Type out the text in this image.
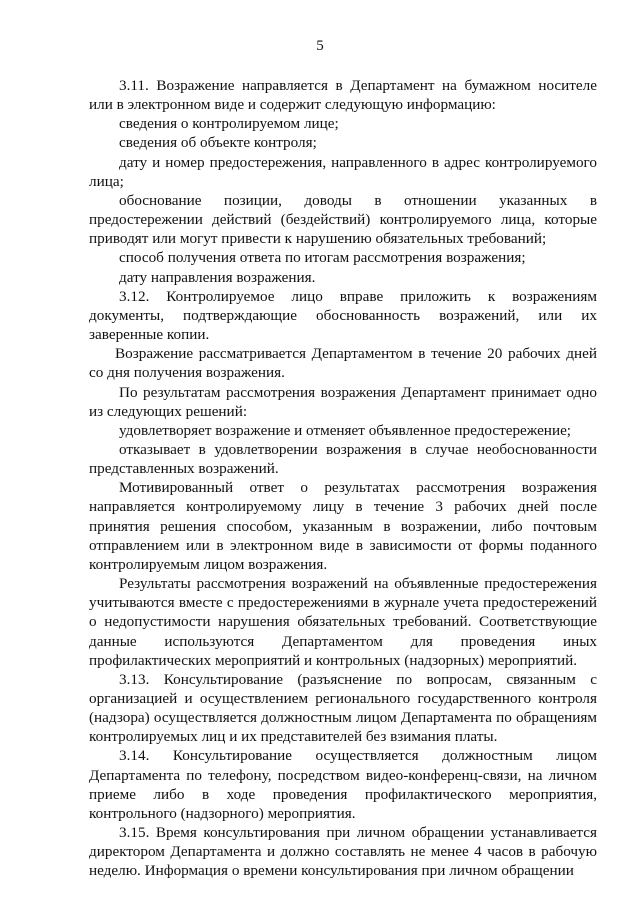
5

3.11. Возражение направляется в Департамент на бумажном носителе или в электронном виде и содержит следующую информацию:

сведения о контролируемом лице;

сведения об объекте контроля;

дату и номер предостережения, направленного в адрес контролируемого лица;

обоснование позиции, доводы в отношении указанных в предостережении действий (бездействий) контролируемого лица, которые приводят или могут привести к нарушению обязательных требований;

способ получения ответа по итогам рассмотрения возражения;

дату направления возражения.

3.12. Контролируемое лицо вправе приложить к возражениям документы, подтверждающие обоснованность возражений, или их заверенные копии.

Возражение рассматривается Департаментом в течение 20 рабочих дней со дня получения возражения.

По результатам рассмотрения возражения Департамент принимает одно из следующих решений:

удовлетворяет возражение и отменяет объявленное предостережение;

отказывает в удовлетворении возражения в случае необоснованности представленных возражений.

Мотивированный ответ о результатах рассмотрения возражения направляется контролируемому лицу в течение 3 рабочих дней после принятия решения способом, указанным в возражении, либо почтовым отправлением или в электронном виде в зависимости от формы поданного контролируемым лицом возражения.

Результаты рассмотрения возражений на объявленные предостережения учитываются вместе с предостережениями в журнале учета предостережений о недопустимости нарушения обязательных требований. Соответствующие данные используются Департаментом для проведения иных профилактических мероприятий и контрольных (надзорных) мероприятий.

3.13. Консультирование (разъяснение по вопросам, связанным с организацией и осуществлением регионального государственного контроля (надзора) осуществляется должностным лицом Департамента по обращениям контролируемых лиц и их представителей без взимания платы.

3.14. Консультирование осуществляется должностным лицом Департамента по телефону, посредством видео-конференц-связи, на личном приеме либо в ходе проведения профилактического мероприятия, контрольного (надзорного) мероприятия.

3.15. Время консультирования при личном обращении устанавливается директором Департамента и должно составлять не менее 4 часов в рабочую неделю. Информация о времени консультирования при личном обращении
